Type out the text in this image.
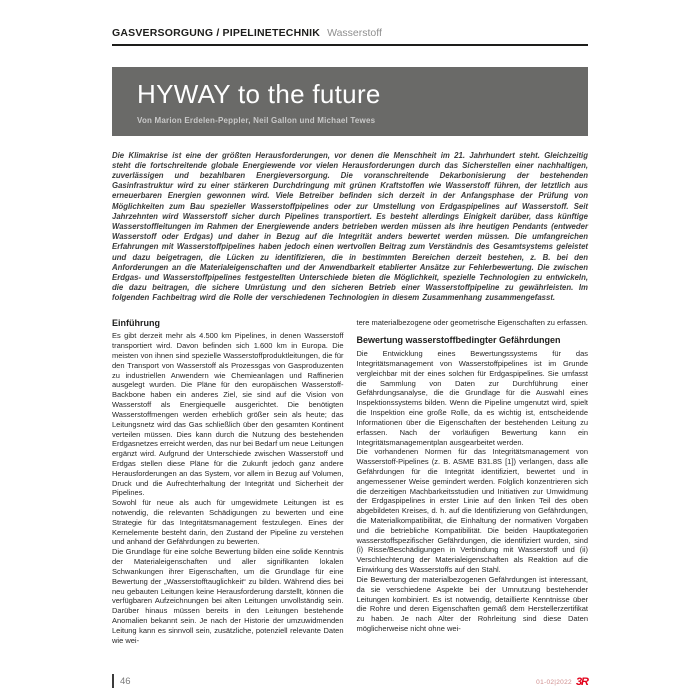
GASVERSORGUNG / PIPELINETECHNIK Wasserstoff
HYWAY to the future
Von Marion Erdelen-Peppler, Neil Gallon und Michael Tewes

Die Klimakrise ist eine der größten Herausforderungen, vor denen die Menschheit im 21. Jahrhundert steht. Gleichzeitig steht die fortschreitende globale Energiewende vor vielen Herausforderungen durch das Sicherstellen einer nachhaltigen, zuverlässigen und bezahlbaren Energieversorgung. Die voranschreitende Dekarbonisierung der bestehenden Gasinfrastruktur wird zu einer stärkeren Durchdringung mit grünen Kraftstoffen wie Wasserstoff führen, der letztlich aus erneuerbaren Energien gewonnen wird. Viele Betreiber befinden sich derzeit in der Anfangsphase der Prüfung von Möglichkeiten zum Bau spezieller Wasserstoffpipelines oder zur Umstellung von Erdgaspipelines auf Wasserstoff. Seit Jahrzehnten wird Wasserstoff sicher durch Pipelines transportiert. Es besteht allerdings Einigkeit darüber, dass künftige Wasserstoffleitungen im Rahmen der Energiewende anders betrieben werden müssen als ihre heutigen Pendants (entweder Wasserstoff oder Erdgas) und daher in Bezug auf die Integrität anders bewertet werden müssen. Die umfangreichen Erfahrungen mit Wasserstoffpipelines haben jedoch einen wertvollen Beitrag zum Verständnis des Gesamtsystems geleistet und dazu beigetragen, die Lücken zu identifizieren, die in bestimmten Bereichen derzeit bestehen, z. B. bei den Anforderungen an die Materialeigenschaften und der Anwendbarkeit etablierter Ansätze zur Fehlerbewertung. Die zwischen Erdgas- und Wasserstoffpipelines festgestellten Unterschiede bieten die Möglichkeit, spezielle Technologien zu entwickeln, die dazu beitragen, die sichere Umrüstung und den sicheren Betrieb einer Wasserstoffpipeline zu gewährleisten. Im folgenden Fachbeitrag wird die Rolle der verschiedenen Technologien in diesem Zusammenhang zusammengefasst.

Einführung

Es gibt derzeit mehr als 4.500 km Pipelines, in denen Wasserstoff transportiert wird. Davon befinden sich 1.600 km in Europa. Die meisten von ihnen sind spezielle Wasserstoffproduktleitungen, die für den Transport von Wasserstoff als Prozessgas von Gasproduzenten zu industriellen Anwendern wie Chemieanlagen und Raffinerien ausgelegt wurden. Die Pläne für den europäischen Wasserstoff-Backbone haben ein anderes Ziel, sie sind auf die Vision von Wasserstoff als Energiequelle ausgerichtet. Die benötigten Wasserstoffmengen werden erheblich größer sein als heute; das Leitungsnetz wird das Gas schließlich über den gesamten Kontinent verteilen müssen. Dies kann durch die Nutzung des bestehenden Erdgasnetzes erreicht werden, das nur bei Bedarf um neue Leitungen ergänzt wird. Aufgrund der Unterschiede zwischen Wasserstoff und Erdgas stellen diese Pläne für die Zukunft jedoch ganz andere Herausforderungen an das System, vor allem in Bezug auf Volumen, Druck und die Aufrechterhaltung der Integrität und Sicherheit der Pipelines.

Sowohl für neue als auch für umgewidmete Leitungen ist es notwendig, die relevanten Schädigungen zu bewerten und eine Strategie für das Integritätsmanagement festzulegen. Eines der Kernelemente besteht darin, den Zustand der Pipeline zu verstehen und anhand der Gefährdungen zu bewerten.

Die Grundlage für eine solche Bewertung bilden eine solide Kenntnis der Materialeigenschaften und aller signifikanten lokalen Schwankungen ihrer Eigenschaften, um die Grundlage für eine Bewertung der „Wasserstofftauglichkeit“ zu bilden. Während dies bei neu gebauten Leitungen keine Herausforderung darstellt, können die verfügbaren Aufzeichnungen bei alten Leitungen unvollständig sein. Darüber hinaus müssen bereits in den Leitungen bestehende Anomalien bekannt sein. Je nach der Historie der umzuwidmenden Leitung kann es sinnvoll sein, zusätzliche, potenziell relevante Daten wie wei-

tere materialbezogene oder geometrische Eigenschaften zu erfassen.

Bewertung wasserstoffbedingter Gefährdungen

Die Entwicklung eines Bewertungssystems für das Integritätsmanagement von Wasserstoffpipelines ist im Grunde vergleichbar mit der eines solchen für Erdgaspipelines. Sie umfasst die Sammlung von Daten zur Durchführung einer Gefährdungsanalyse, die die Grundlage für die Auswahl eines Inspektionssystems bilden. Wenn die Pipeline umgenutzt wird, spielt die Inspektion eine große Rolle, da es wichtig ist, entscheidende Informationen über die Eigenschaften der bestehenden Leitung zu erfassen. Nach der vorläufigen Bewertung kann ein Integritätsmanagementplan ausgearbeitet werden.

Die vorhandenen Normen für das Integritätsmanagement von Wasserstoff-Pipelines (z. B. ASME B31.8S [1]) verlangen, dass alle Gefährdungen für die Integrität identifiziert, bewertet und in angemessener Weise gemindert werden. Folglich konzentrieren sich die derzeitigen Machbarkeitsstudien und Initiativen zur Umwidmung der Erdgaspipelines in erster Linie auf den linken Teil des oben abgebildeten Kreises, d. h. auf die Identifizierung von Gefährdungen, die Materialkompatibilität, die Einhaltung der normativen Vorgaben und die betriebliche Kompatibilität. Die beiden Hauptkategorien wasserstoffspezifischer Gefährdungen, die identifiziert wurden, sind (i) Risse/Beschädigungen in Verbindung mit Wasserstoff und (ii) Verschlechterung der Materialeigenschaften als Reaktion auf die Einwirkung des Wasserstoffs auf den Stahl.

Die Bewertung der materialbezogenen Gefährdungen ist interessant, da sie verschiedene Aspekte bei der Umnutzung bestehender Leitungen kombiniert. Es ist notwendig, detaillierte Kenntnisse über die Rohre und deren Eigenschaften gemäß dem Herstellerzertifikat zu haben. Je nach Alter der Rohrleitung sind diese Daten möglicherweise nicht ohne wei-

46	01-02|2022 3R
